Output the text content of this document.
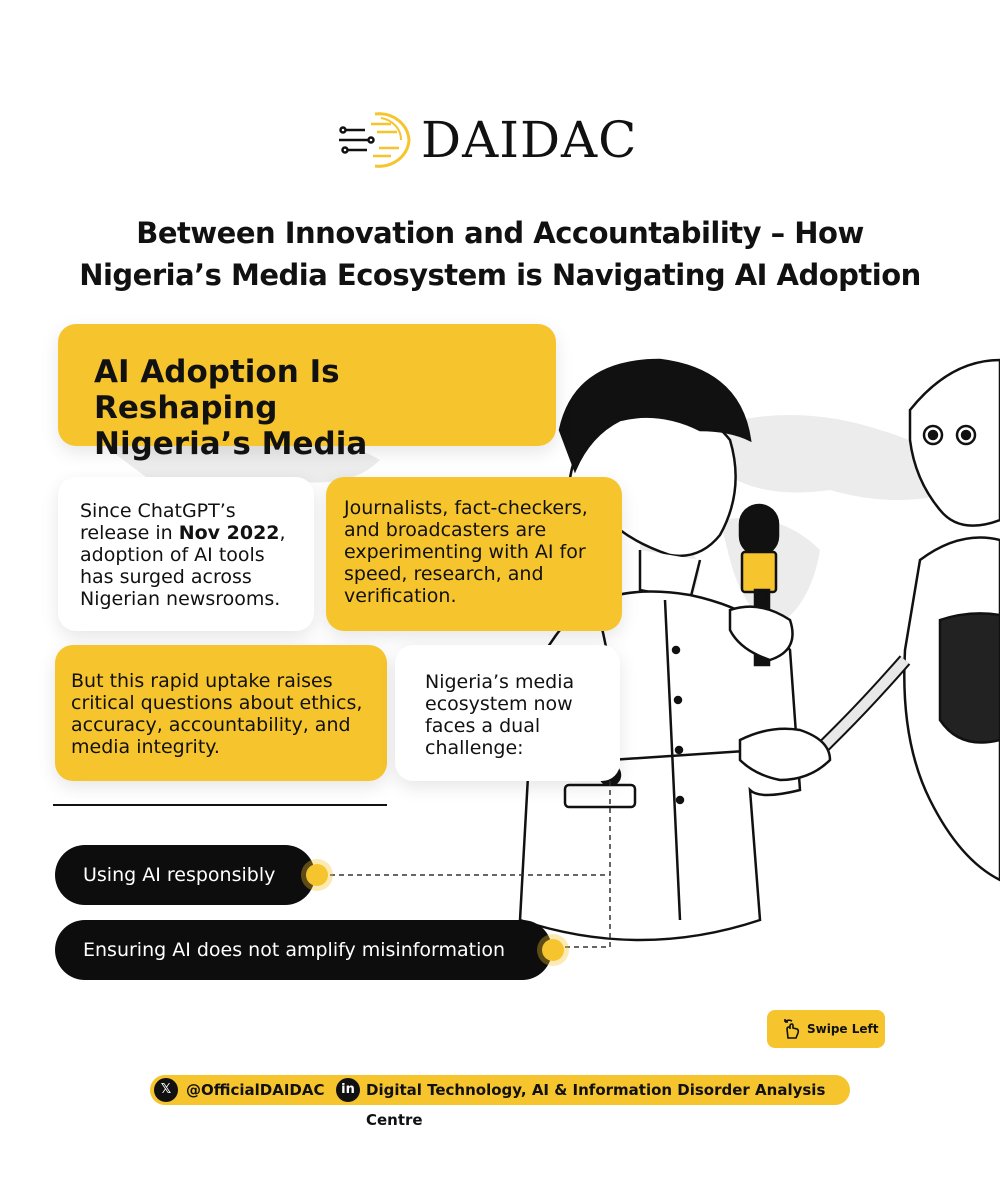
DAIDAC
Between Innovation and Accountability – How
Nigeria’s Media Ecosystem is Navigating AI Adoption
AI Adoption Is Reshaping
Nigeria’s Media
Since ChatGPT’s release in Nov 2022, adoption of AI tools has surged across Nigerian newsrooms.
Journalists, fact-checkers, and broadcasters are experimenting with AI for speed, research, and verification.
But this rapid uptake raises critical questions about ethics, accuracy, accountability, and media integrity.
Nigeria’s media ecosystem now faces a dual challenge:
Using AI responsibly
Ensuring AI does not amplify misinformation
Swipe Left
𝕏 @OfficialDAIDAC	in Digital Technology, AI & Information Disorder Analysis Centre
